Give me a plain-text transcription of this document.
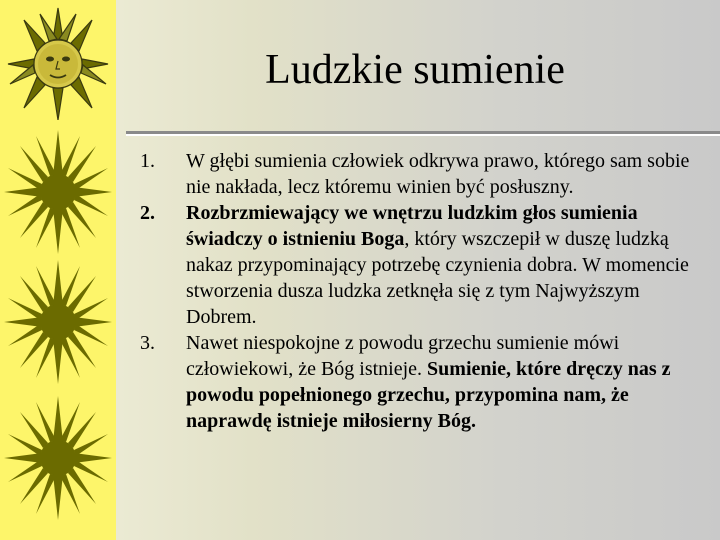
Ludzkie sumienie
1.	W głębi sumienia człowiek odkrywa prawo, którego sam sobie nie nakłada, lecz któremu winien być posłuszny.
2.	Rozbrzmiewający we wnętrzu ludzkim głos sumienia świadczy o istnieniu Boga, który wszczepił w duszę ludzką nakaz przypominający potrzebę czynienia dobra. W momencie stworzenia dusza ludzka zetknęła się z tym Najwyższym Dobrem.
3.	Nawet niespokojne z powodu grzechu sumienie mówi człowiekowi, że Bóg istnieje. Sumienie, które dręczy nas z powodu popełnionego grzechu, przypomina nam, że naprawdę istnieje miłosierny Bóg.
